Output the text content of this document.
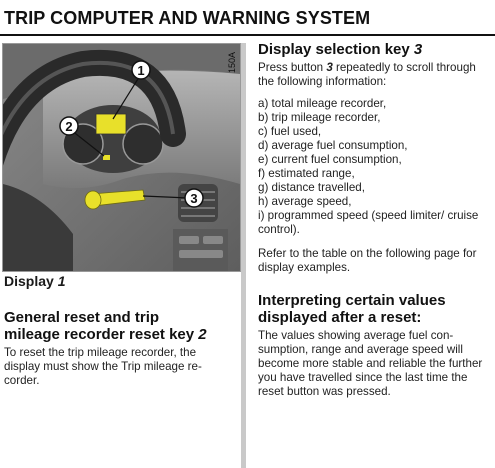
TRIP COMPUTER AND WARNING SYSTEM
1
2
3
150A

Display 1

General reset and trip
mileage recorder reset key 2

To reset the trip mileage recorder, the display must show the Trip mileage re-corder.

Display selection key 3

Press button 3 repeatedly to scroll through the following information:

a) total mileage recorder,
b) trip mileage recorder,
c) fuel used,
d) average fuel consumption,
e) current fuel consumption,
f) estimated range,
g) distance travelled,
h) average speed,
i) programmed speed (speed limiter/ cruise control).

Refer to the table on the following page for display examples.

Interpreting certain values displayed after a reset:

The values showing average fuel con-sumption, range and average speed will become more stable and reliable the further you have travelled since the last time the reset button was pressed.
